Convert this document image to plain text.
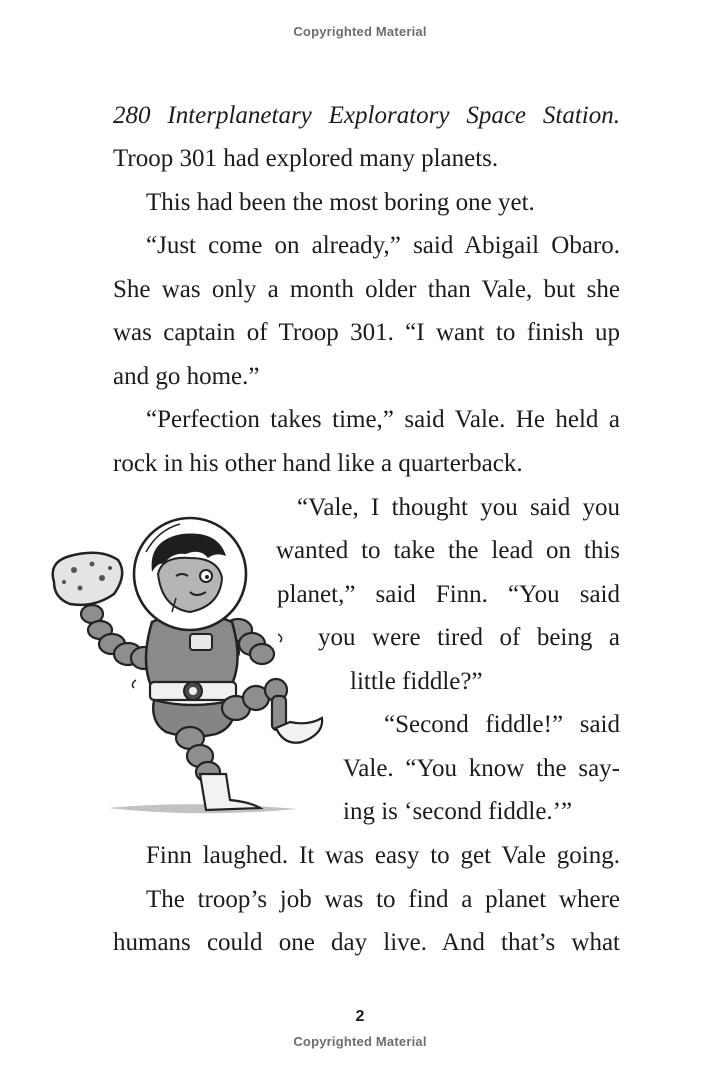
Copyrighted Material
280 Interplanetary Exploratory Space Station.
Troop 301 had explored many planets.
This had been the most boring one yet.
“Just come on already,” said Abigail Obaro.
She was only a month older than Vale, but she
was captain of Troop 301. “I want to finish up
and go home.”
“Perfection takes time,” said Vale. He held a
rock in his other hand like a quarterback.
“Vale, I thought you said you
wanted to take the lead on this
planet,” said Finn. “You said
you were tired of being a
little fiddle?”
“Second fiddle!” said
Vale. “You know the say-
ing is ‘second fiddle.’”
Finn laughed. It was easy to get Vale going.
The troop’s job was to find a planet where
humans could one day live. And that’s what
2
Copyrighted Material
